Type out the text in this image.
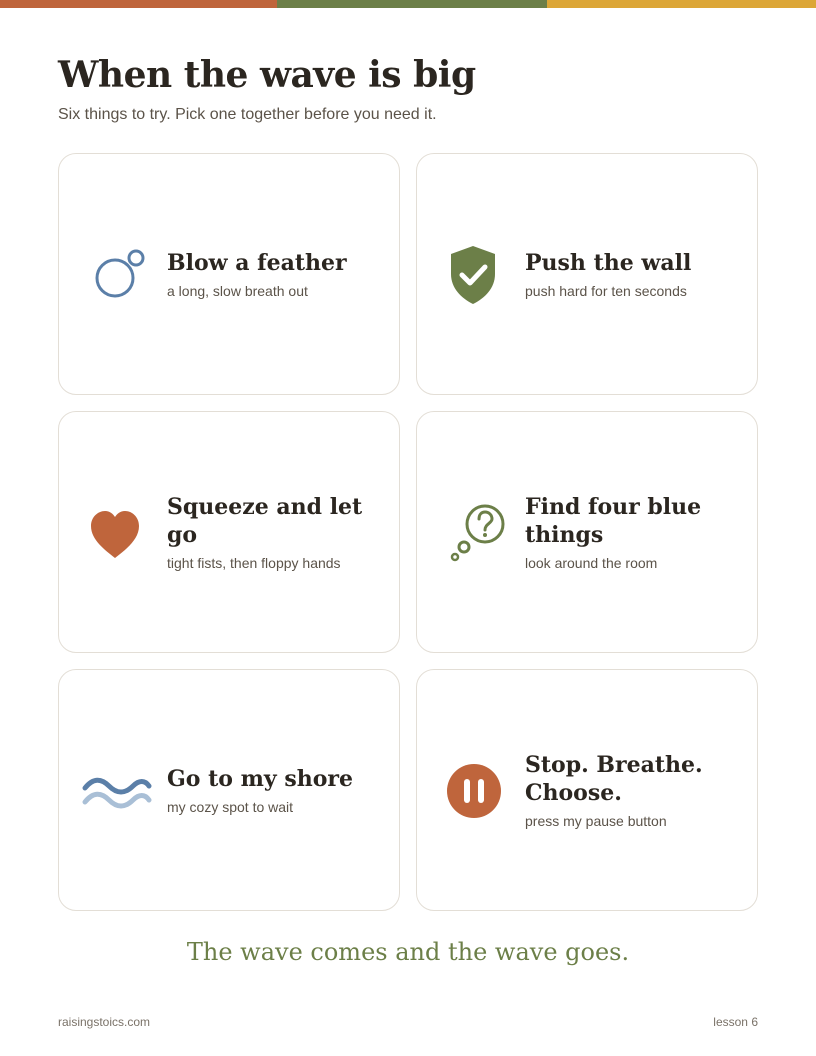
When the wave is big

Six things to try. Pick one together before you need it.

Blow a feather
a long, slow breath out
Push the wall
push hard for ten seconds
Squeeze and let go
tight fists, then floppy hands
Find four blue things
look around the room
Go to my shore
my cozy spot to wait
Stop. Breathe. Choose.
press my pause button
The wave comes and the wave goes.
raisingstoics.com	lesson 6
